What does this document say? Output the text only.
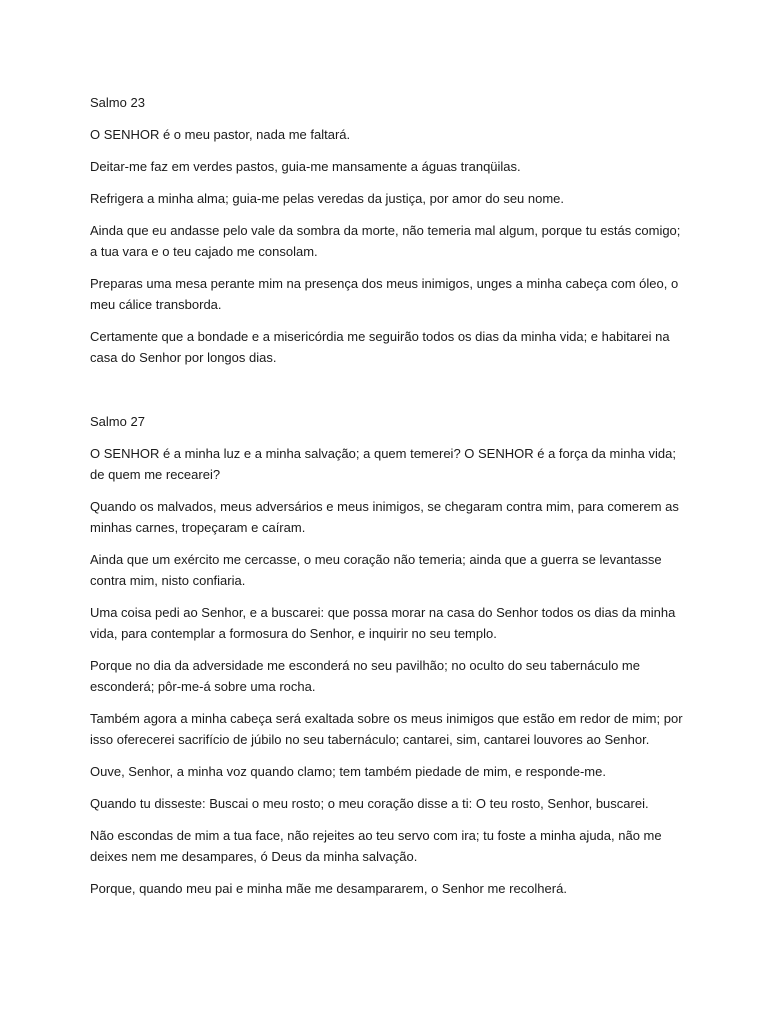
Salmo 23

O SENHOR é o meu pastor, nada me faltará.

Deitar-me faz em verdes pastos, guia-me mansamente a águas tranqüilas.

Refrigera a minha alma; guia-me pelas veredas da justiça, por amor do seu nome.

Ainda que eu andasse pelo vale da sombra da morte, não temeria mal algum, porque tu estás comigo; a tua vara e o teu cajado me consolam.

Preparas uma mesa perante mim na presença dos meus inimigos, unges a minha cabeça com óleo, o meu cálice transborda.

Certamente que a bondade e a misericórdia me seguirão todos os dias da minha vida; e habitarei na casa do Senhor por longos dias.

Salmo 27

O SENHOR é a minha luz e a minha salvação; a quem temerei? O SENHOR é a força da minha vida; de quem me recearei?

Quando os malvados, meus adversários e meus inimigos, se chegaram contra mim, para comerem as minhas carnes, tropeçaram e caíram.

Ainda que um exército me cercasse, o meu coração não temeria; ainda que a guerra se levantasse contra mim, nisto confiaria.

Uma coisa pedi ao Senhor, e a buscarei: que possa morar na casa do Senhor todos os dias da minha vida, para contemplar a formosura do Senhor, e inquirir no seu templo.

Porque no dia da adversidade me esconderá no seu pavilhão; no oculto do seu tabernáculo me esconderá; pôr-me-á sobre uma rocha.

Também agora a minha cabeça será exaltada sobre os meus inimigos que estão em redor de mim; por isso oferecerei sacrifício de júbilo no seu tabernáculo; cantarei, sim, cantarei louvores ao Senhor.

Ouve, Senhor, a minha voz quando clamo; tem também piedade de mim, e responde-me.

Quando tu disseste: Buscai o meu rosto; o meu coração disse a ti: O teu rosto, Senhor, buscarei.

Não escondas de mim a tua face, não rejeites ao teu servo com ira; tu foste a minha ajuda, não me deixes nem me desampares, ó Deus da minha salvação.

Porque, quando meu pai e minha mãe me desampararem, o Senhor me recolherá.
